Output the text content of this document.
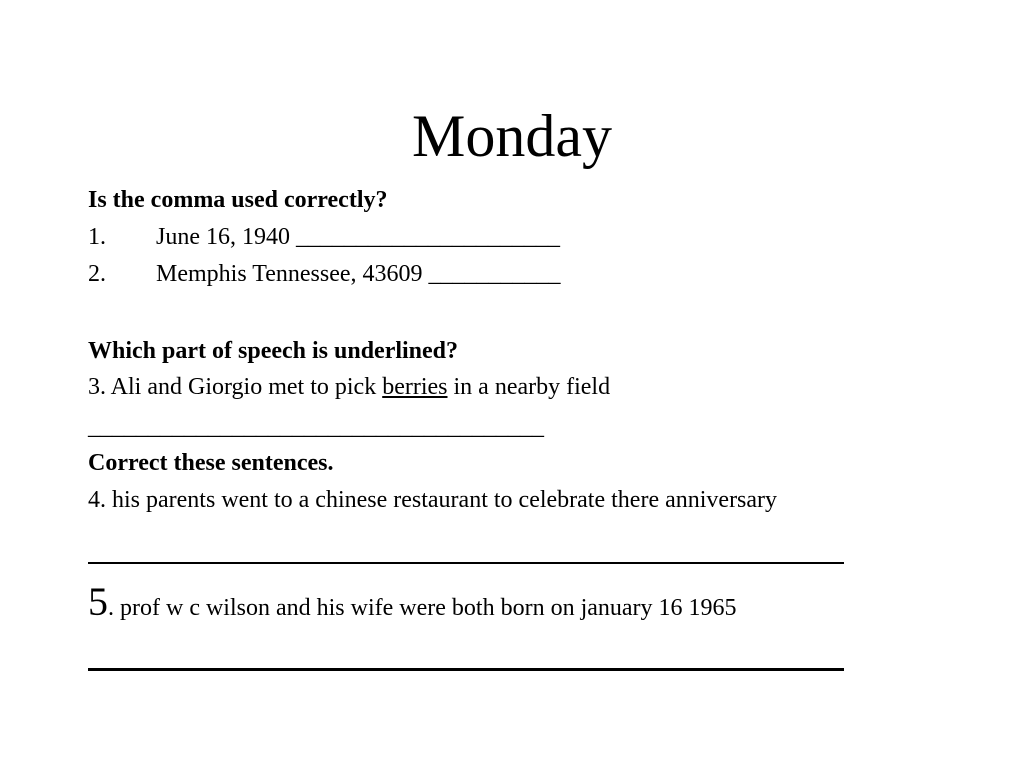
Monday
Is the comma used correctly?
1. June 16, 1940 ______________________
2. Memphis Tennessee, 43609 ___________
Which part of speech is underlined?
3. Ali and Giorgio met to pick berries in a nearby field
______________________________________
Correct these sentences.
4. his parents went to a chinese restaurant to celebrate there anniversary
5. prof w c wilson and his wife were both born on january 16 1965
